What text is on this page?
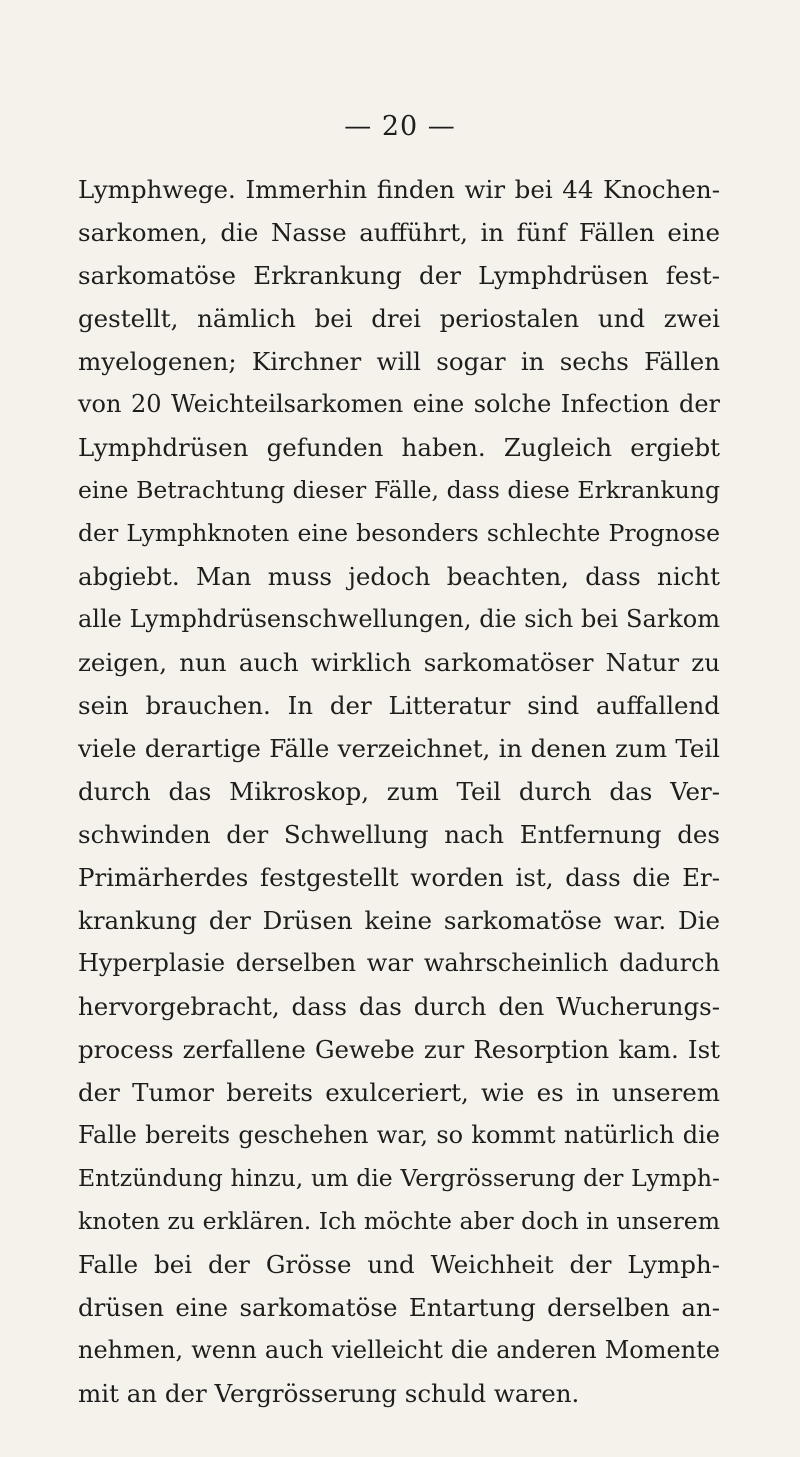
— 20 —
Lymphwege. Immerhin finden wir bei 44 Knochen-
sarkomen, die Nasse aufführt, in fünf Fällen eine
sarkomatöse Erkrankung der Lymphdrüsen fest-
gestellt, nämlich bei drei periostalen und zwei
myelogenen; Kirchner will sogar in sechs Fällen
von 20 Weichteilsarkomen eine solche Infection der
Lymphdrüsen gefunden haben. Zugleich ergiebt
eine Betrachtung dieser Fälle, dass diese Erkrankung
der Lymphknoten eine besonders schlechte Prognose
abgiebt. Man muss jedoch beachten, dass nicht
alle Lymphdrüsenschwellungen, die sich bei Sarkom
zeigen, nun auch wirklich sarkomatöser Natur zu
sein brauchen. In der Litteratur sind auffallend
viele derartige Fälle verzeichnet, in denen zum Teil
durch das Mikroskop, zum Teil durch das Ver-
schwinden der Schwellung nach Entfernung des
Primärherdes festgestellt worden ist, dass die Er-
krankung der Drüsen keine sarkomatöse war. Die
Hyperplasie derselben war wahrscheinlich dadurch
hervorgebracht, dass das durch den Wucherungs-
process zerfallene Gewebe zur Resorption kam. Ist
der Tumor bereits exulceriert, wie es in unserem
Falle bereits geschehen war, so kommt natürlich die
Entzündung hinzu, um die Vergrösserung der Lymph-
knoten zu erklären. Ich möchte aber doch in unserem
Falle bei der Grösse und Weichheit der Lymph-
drüsen eine sarkomatöse Entartung derselben an-
nehmen, wenn auch vielleicht die anderen Momente
mit an der Vergrösserung schuld waren.
